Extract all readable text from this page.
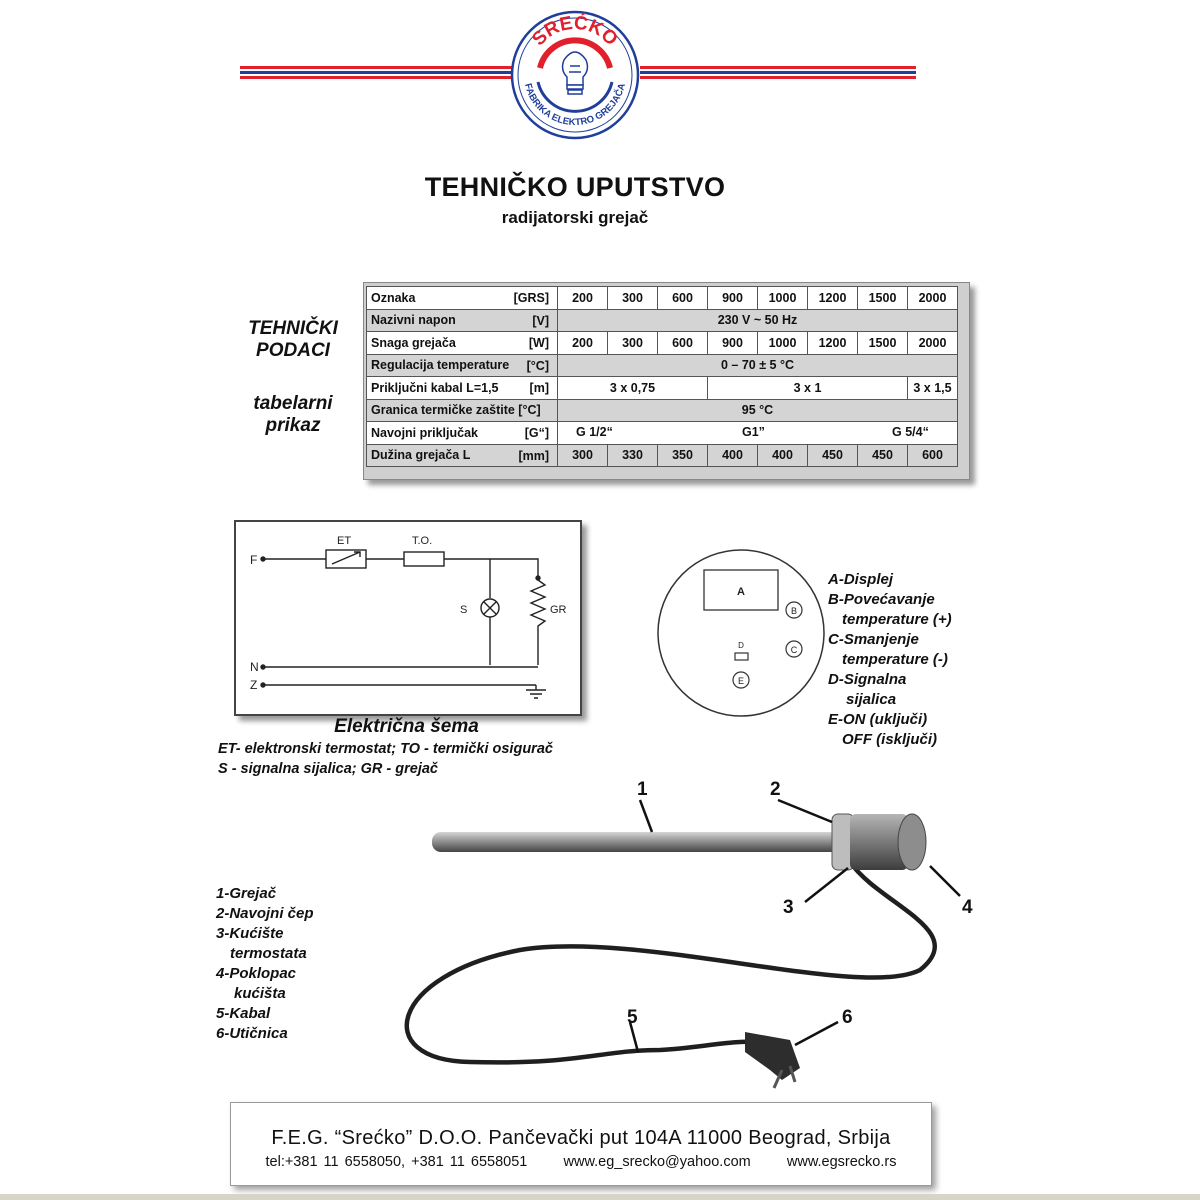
SREĆKO
FABRIKA ELEKTRO GREJAČA
TEHNIČKO UPUTSTVO
radijatorski grejač
TEHNIČKI
PODACI
tabelarni
prikaz
Oznaka [GRS]	200	300	600	900	1000	1200	1500	2000
Nazivni napon [V]	230 V ~ 50 Hz							
Snaga grejača [W]	200	300	600	900	1000	1200	1500	2000
Regulacija temperature [°C]	0 – 70 ± 5 °C							
Priključni kabal L=1,5 [m]	3 x 0,75			3 x 1				3 x 1,5
Granica termičke zaštite [°C]	95 °C							
Navojni priključak [G“]	G 1/2“ G1” G 5/4“							

Dužina grejača L [mm]	300	330	350	400	400	450	450	600
F
N
Z
ET	T.O.
S	GR
Električna šema
ET- elektronski termostat; TO - termički osigurač
S - signalna sijalica; GR - grejač
A
B
C
D
E
A-Displej
B-Povećavanje
temperature (+)
C-Smanjenje
temperature (-)
D-Signalna
sijalica
E-ON (uključi)
OFF (isključi)
1	2
3	4
5	6
1-Grejač
2-Navojni čep
3-Kućište
termostata
4-Poklopac
kućišta
5-Kabal
6-Utičnica
F.E.G. “Srećko” D.O.O. Pančevački put 104A 11000 Beograd, Srbija
tel:+381 11 6558050, +381 11 6558051 www.eg_srecko@yahoo.com www.egsrecko.rs
